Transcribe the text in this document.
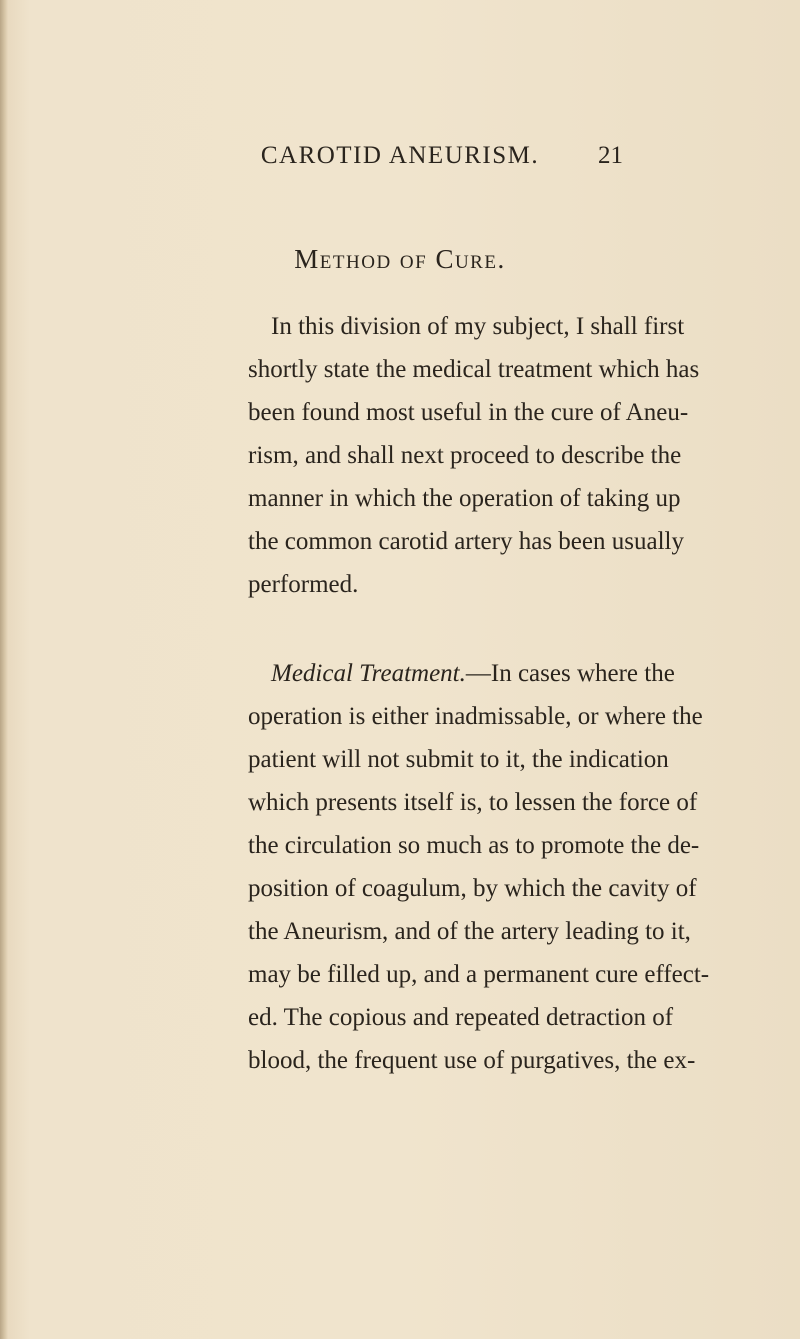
CAROTID ANEURISM.	21
Method of Cure.
In this division of my subject, I shall first
shortly state the medical treatment which has
been found most useful in the cure of Aneu-
rism, and shall next proceed to describe the
manner in which the operation of taking up
the common carotid artery has been usually
performed.
Medical Treatment.—In cases where the
operation is either inadmissable, or where the
patient will not submit to it, the indication
which presents itself is, to lessen the force of
the circulation so much as to promote the de-
position of coagulum, by which the cavity of
the Aneurism, and of the artery leading to it,
may be filled up, and a permanent cure effect-
ed. The copious and repeated detraction of
blood, the frequent use of purgatives, the ex-
